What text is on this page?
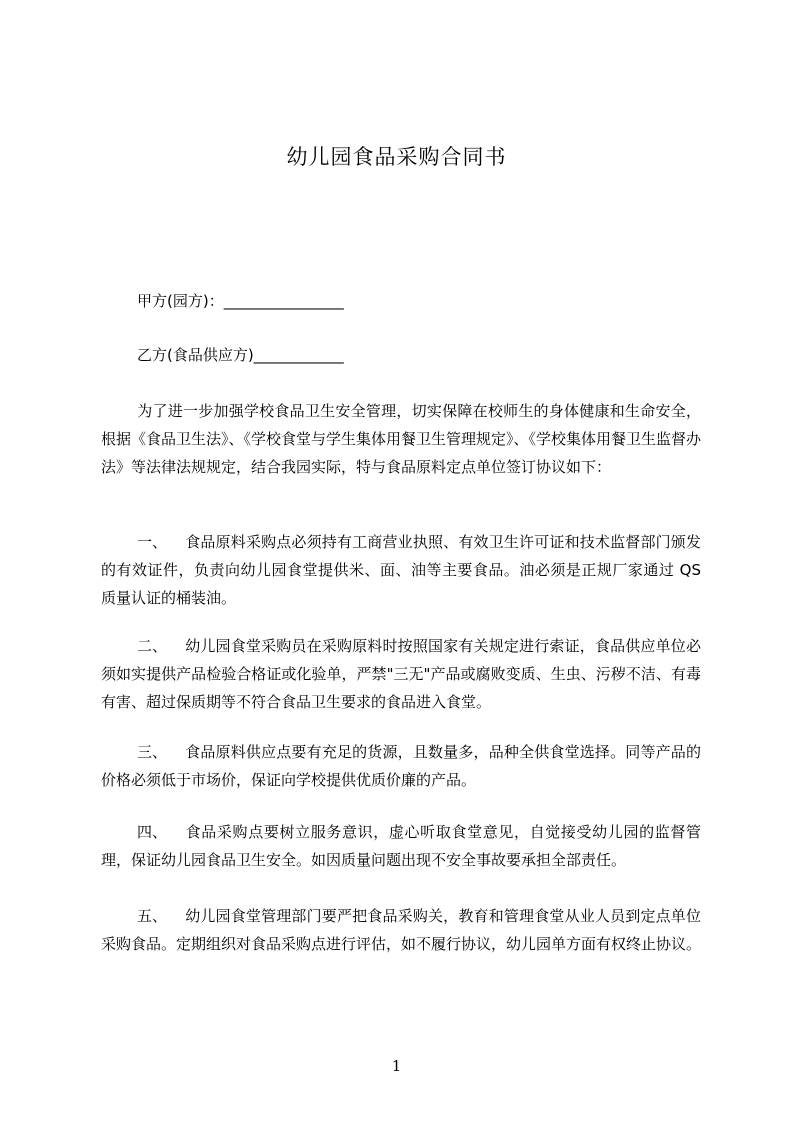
幼儿园食品采购合同书
甲方(园方)：________________
乙方(食品供应方)____________
为了进一步加强学校食品卫生安全管理，切实保障在校师生的身体健康和生命安全，根据《食品卫生法》、《学校食堂与学生集体用餐卫生管理规定》、《学校集体用餐卫生监督办法》等法律法规规定，结合我园实际，特与食品原料定点单位签订协议如下：
一、 食品原料采购点必须持有工商营业执照、有效卫生许可证和技术监督部门颁发的有效证件，负责向幼儿园食堂提供米、面、油等主要食品。油必须是正规厂家通过 QS 质量认证的桶装油。
二、 幼儿园食堂采购员在采购原料时按照国家有关规定进行索证，食品供应单位必须如实提供产品检验合格证或化验单，严禁"三无"产品或腐败变质、生虫、污秽不洁、有毒有害、超过保质期等不符合食品卫生要求的食品进入食堂。
三、 食品原料供应点要有充足的货源，且数量多，品种全供食堂选择。同等产品的价格必须低于市场价，保证向学校提供优质价廉的产品。
四、 食品采购点要树立服务意识，虚心听取食堂意见，自觉接受幼儿园的监督管理，保证幼儿园食品卫生安全。如因质量问题出现不安全事故要承担全部责任。
五、 幼儿园食堂管理部门要严把食品采购关，教育和管理食堂从业人员到定点单位采购食品。定期组织对食品采购点进行评估，如不履行协议，幼儿园单方面有权终止协议。
1
